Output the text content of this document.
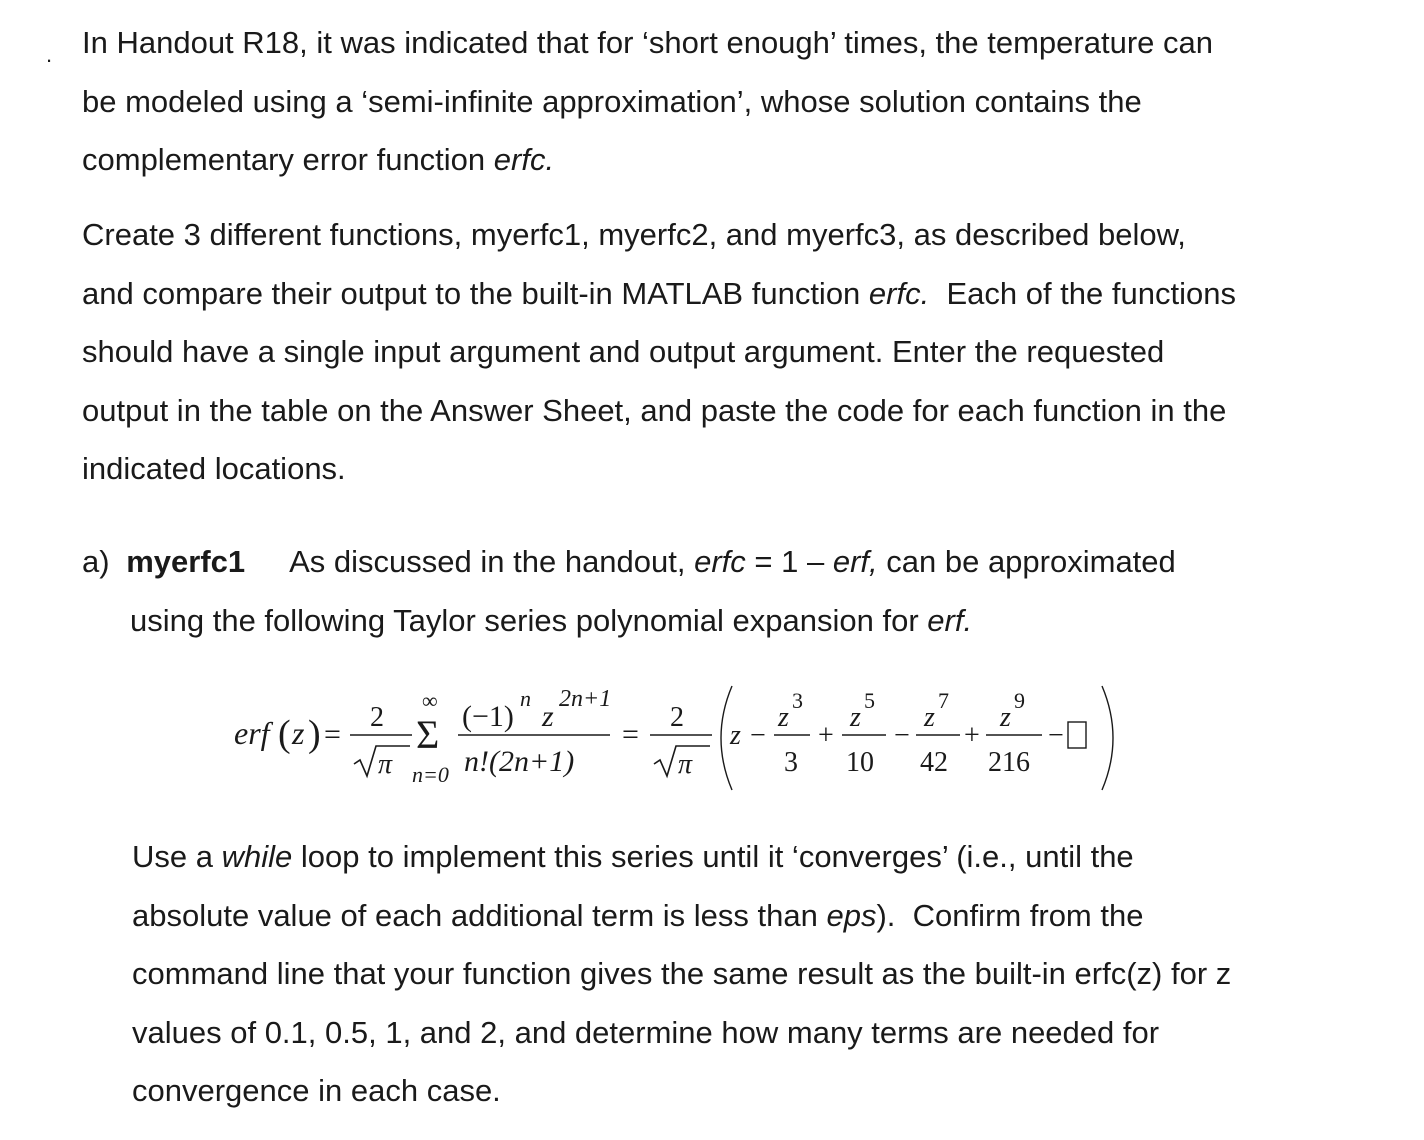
. In Handout R18, it was indicated that for ‘short enough’ times, the temperature can
be modeled using a ‘semi-infinite approximation’, whose solution contains the
complementary error function erfc.

Create 3 different functions, myerfc1, myerfc2, and myerfc3, as described below,
and compare their output to the built-in MATLAB function erfc.  Each of the functions
should have a single input argument and output argument. Enter the requested
output in the table on the Answer Sheet, and paste the code for each function in the
indicated locations.

a) myerfc1 As discussed in the handout, erfc = 1 – erf, can be approximated
using the following Taylor series polynomial expansion for erf.

erf ( z ) =
2
π
∞
Σ
n=0
(−1)
n
z
2n+1
n!(2n+1)
=
2
π
z −
z
3
3
+
z
5
10
−
z
7
42
+
z
9
216
−

Use a while loop to implement this series until it ‘converges’ (i.e., until the
absolute value of each additional term is less than eps).  Confirm from the
command line that your function gives the same result as the built-in erfc(z) for z
values of 0.1, 0.5, 1, and 2, and determine how many terms are needed for
convergence in each case.
